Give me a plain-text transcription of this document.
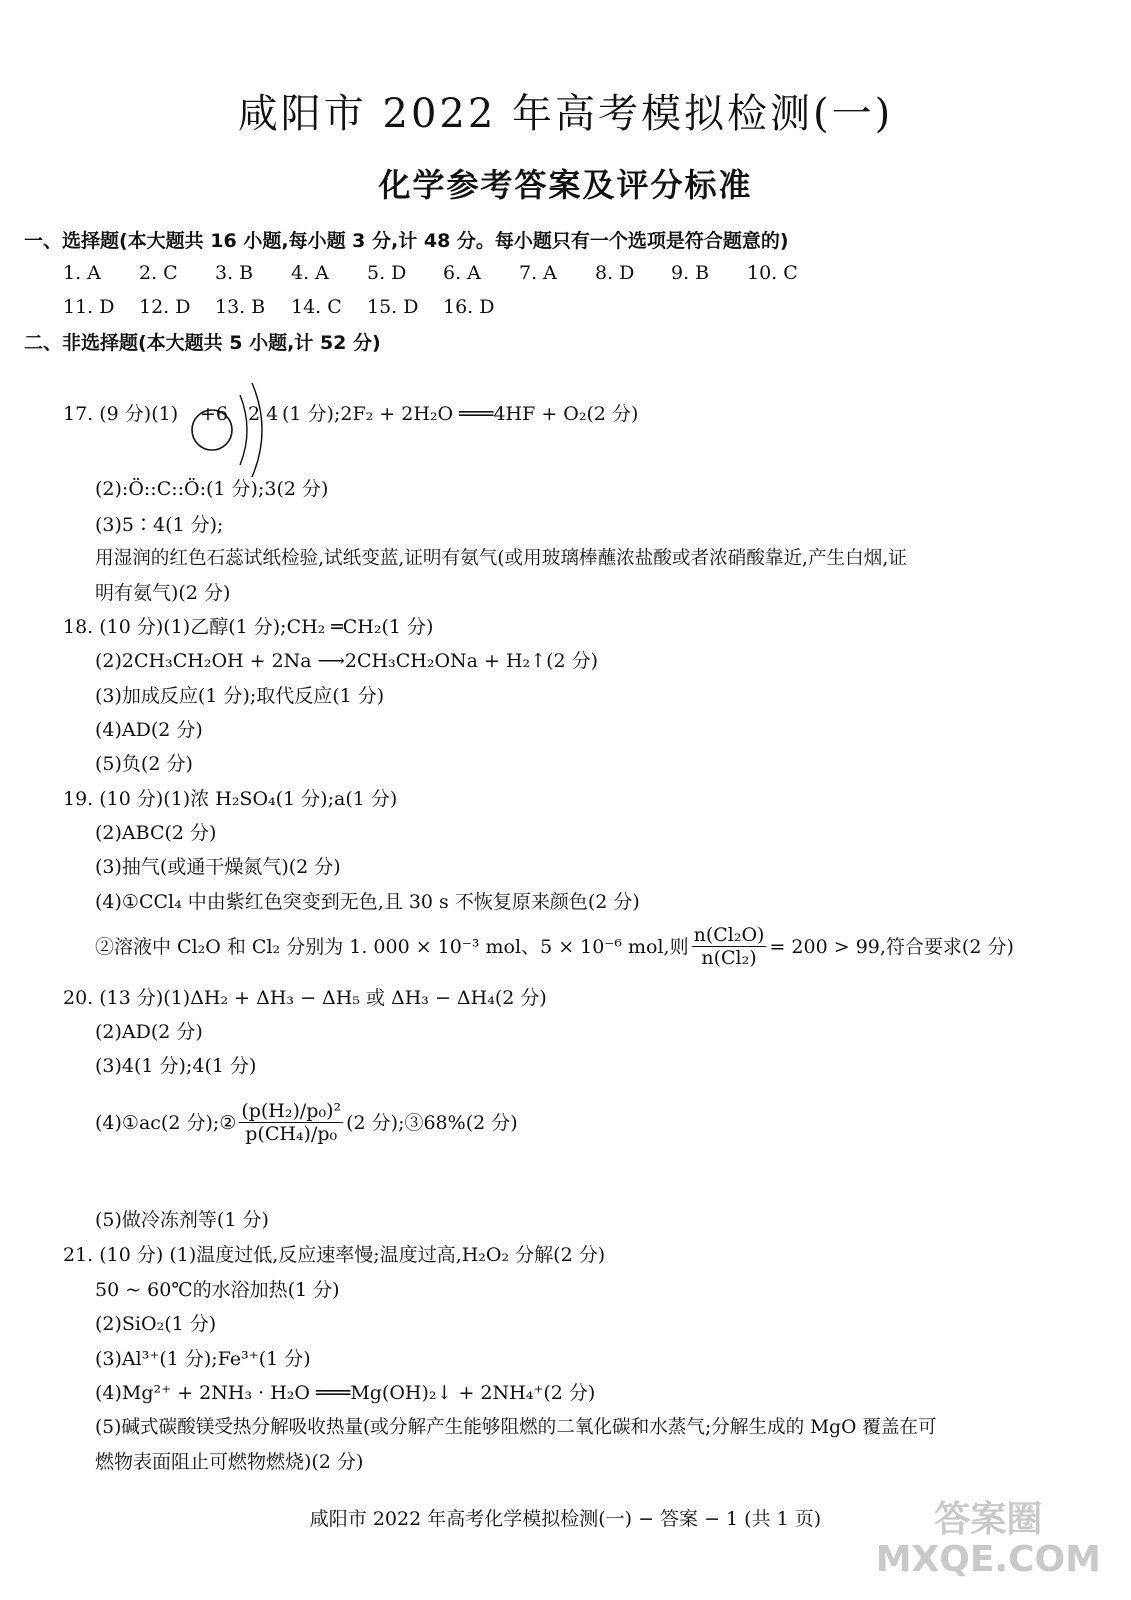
咸阳市 2022 年高考模拟检测(一)
化学参考答案及评分标准
一、选择题(本大题共 16 小题,每小题 3 分,计 48 分。每小题只有一个选项是符合题意的)
1. A	2. C	3. B	4. A	5. D	6. A	7. A	8. D	9. B	10. C
11. D	12. D	13. B	14. C	15. D	16. D
二、非选择题(本大题共 5 小题,计 52 分)
17. (9 分)(1) +6 2 4 (1 分);2F₂ + 2H₂O ═══4HF + O₂(2 分)
(2):Ö::C::Ö:(1 分);3(2 分)
(3)5∶4(1 分);
用湿润的红色石蕊试纸检验,试纸变蓝,证明有氨气(或用玻璃棒蘸浓盐酸或者浓硝酸靠近,产生白烟,证
明有氨气)(2 分)
18. (10 分)(1)乙醇(1 分);CH₂ ═CH₂(1 分)
(2)2CH₃CH₂OH + 2Na ⟶2CH₃CH₂ONa + H₂↑(2 分)
(3)加成反应(1 分);取代反应(1 分)
(4)AD(2 分)
(5)负(2 分)
19. (10 分)(1)浓 H₂SO₄(1 分);a(1 分)
(2)ABC(2 分)
(3)抽气(或通干燥氮气)(2 分)
(4)①CCl₄ 中由紫红色突变到无色,且 30 s 不恢复原来颜色(2 分)
②溶液中 Cl₂O 和 Cl₂ 分别为 1. 000 × 10⁻³ mol、5 × 10⁻⁶ mol,则 $\frac{\text{n(Cl₂O)}}{\text{n(Cl₂)}} = 200 > 99$,符合要求(2 分)
20. (13 分)(1)ΔH₂ + ΔH₃ − ΔH₅ 或 ΔH₃ − ΔH₄(2 分)
(2)AD(2 分)
(3)4(1 分);4(1 分)
(4)①ac(2 分);② $\frac{\text{(p(H₂)/p₀)²}}{\text{p(CH₄)/p₀}} (2$ 分);③68%(2 分)
(5)做冷冻剂等(1 分)
21. (10 分) (1)温度过低,反应速率慢;温度过高,H₂O₂ 分解(2 分)
50 ~ 60℃的水浴加热(1 分)
(2)SiO₂(1 分)
(3)Al³⁺(1 分);Fe³⁺(1 分)
(4)Mg²⁺ + 2NH₃ · H₂O ═══Mg(OH)₂↓ + 2NH₄⁺(2 分)
(5)碱式碳酸镁受热分解吸收热量(或分解产生能够阻燃的二氧化碳和水蒸气;分解生成的 MgO 覆盖在可
燃物表面阻止可燃物燃烧)(2 分)
咸阳市 2022 年高考化学模拟检测(一) − 答案 − 1 (共 1 页)	答案圈
MXQE.COM
